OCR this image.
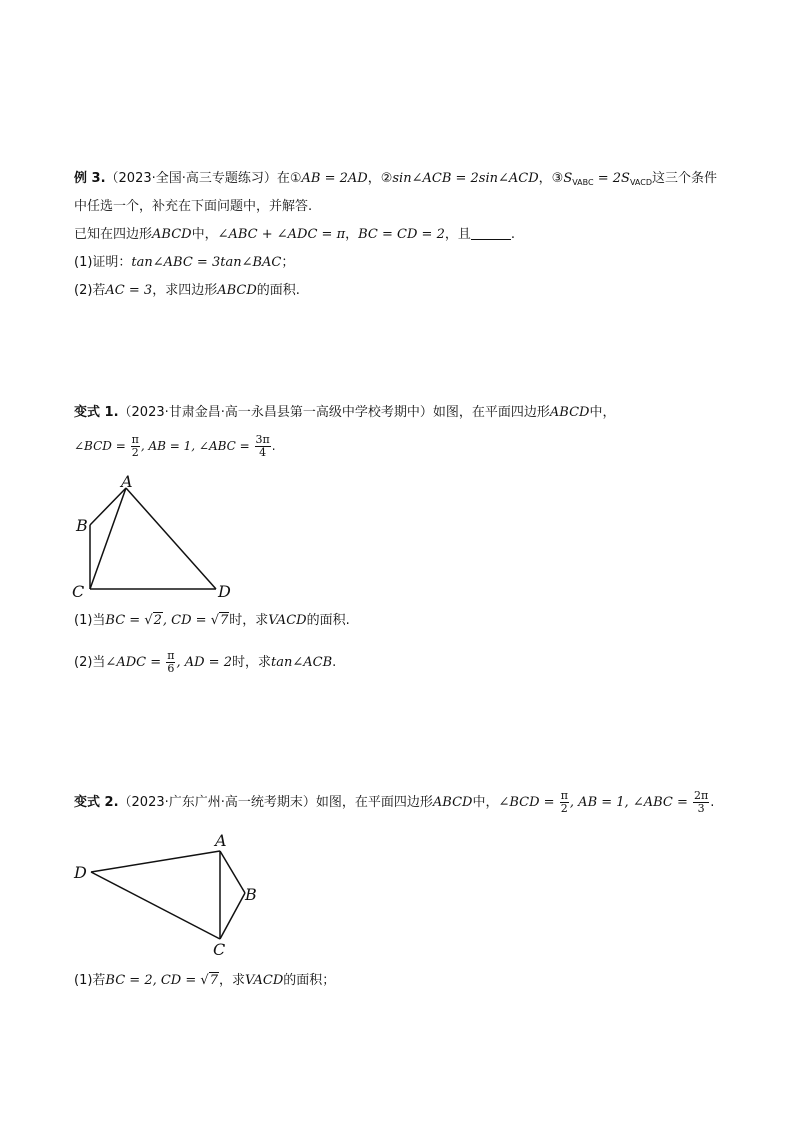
例 3.（2023·全国·高三专题练习）在①AB = 2AD，②sin∠ACB = 2sin∠ACD，$③S_{VABC} = 2S_{VACD}$这三个条件
中任选一个，补充在下面问题中，并解答.
已知在四边形ABCD中，∠ABC + ∠ADC = π，BC = CD = 2，且	.
(1)证明：tan∠ABC = 3tan∠BAC；
(2)若AC = 3，求四边形ABCD的面积.
变式 1.（2023·甘肃金昌·高一永昌县第一高级中学校考期中）如图，在平面四边形ABCD中，
∠BCD = $\frac{\pi}{2}$ , AB = 1, ∠ABC = $\frac{3\pi}{4}$ .
A
B
C	D
(1)当BC = √2, CD = √7时，求VACD的面积.
(2)当∠ADC = $\frac{\pi}{6}$ , AD = 2时，求tan∠ACB.
变式 2.（2023·广东广州·高一统考期末）如图，在平面四边形ABCD中，∠BCD = $\frac{\pi}{2}$ , AB = 1, ∠ABC = $\frac{2\pi}{3}$ .
A
B
C
D
(1)若BC = 2, CD = √7，求VACD的面积；
